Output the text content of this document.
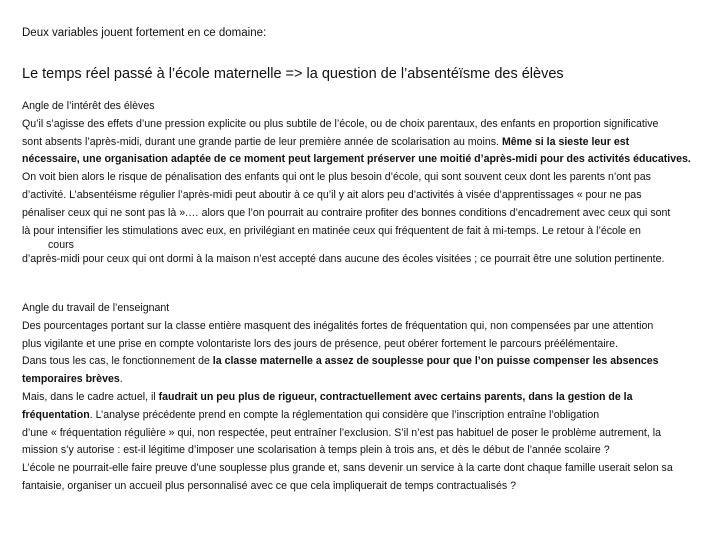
Deux variables jouent fortement en ce domaine:
Le temps réel passé à l’école maternelle => la question de l’absentéïsme des élèves
Angle de l’intérêt des élèves
Qu’il s’agisse des effets d’une pression explicite ou plus subtile de l’école, ou de choix parentaux, des enfants en proportion significative
sont absents l’après-midi, durant une grande partie de leur première année de scolarisation au moins. Même si la sieste leur est
nécessaire, une organisation adaptée de ce moment peut largement préserver une moitié d’après-midi pour des activités éducatives.
On voit bien alors le risque de pénalisation des enfants qui ont le plus besoin d’école, qui sont souvent ceux dont les parents n’ont pas
d’activité. L’absentéisme régulier l’après-midi peut aboutir à ce qu’il y ait alors peu d’activités à visée d’apprentissages « pour ne pas
pénaliser ceux qui ne sont pas là ».… alors que l’on pourrait au contraire profiter des bonnes conditions d’encadrement avec ceux qui sont
là pour intensifier les stimulations avec eux, en privilégiant en matinée ceux qui fréquentent de fait à mi-temps. Le retour à l’école en
cours
d’après-midi pour ceux qui ont dormi à la maison n’est accepté dans aucune des écoles visitées ; ce pourrait être une solution pertinente.
Angle du travail de l’enseignant
Des pourcentages portant sur la classe entière masquent des inégalités fortes de fréquentation qui, non compensées par une attention
plus vigilante et une prise en compte volontariste lors des jours de présence, peut obérer fortement le parcours préélémentaire.
Dans tous les cas, le fonctionnement de la classe maternelle a assez de souplesse pour que l’on puisse compenser les absences
temporaires brèves.
Mais, dans le cadre actuel, il faudrait un peu plus de rigueur, contractuellement avec certains parents, dans la gestion de la
fréquentation. L’analyse précédente prend en compte la réglementation qui considère que l’inscription entraîne l’obligation
d’une « fréquentation régulière » qui, non respectée, peut entraîner l’exclusion. S’il n’est pas habituel de poser le problème autrement, la
mission s’y autorise : est-il légitime d’imposer une scolarisation à temps plein à trois ans, et dès le début de l’année scolaire ?
L’école ne pourrait-elle faire preuve d’une souplesse plus grande et, sans devenir un service à la carte dont chaque famille userait selon sa
fantaisie, organiser un accueil plus personnalisé avec ce que cela impliquerait de temps contractualisés ?
